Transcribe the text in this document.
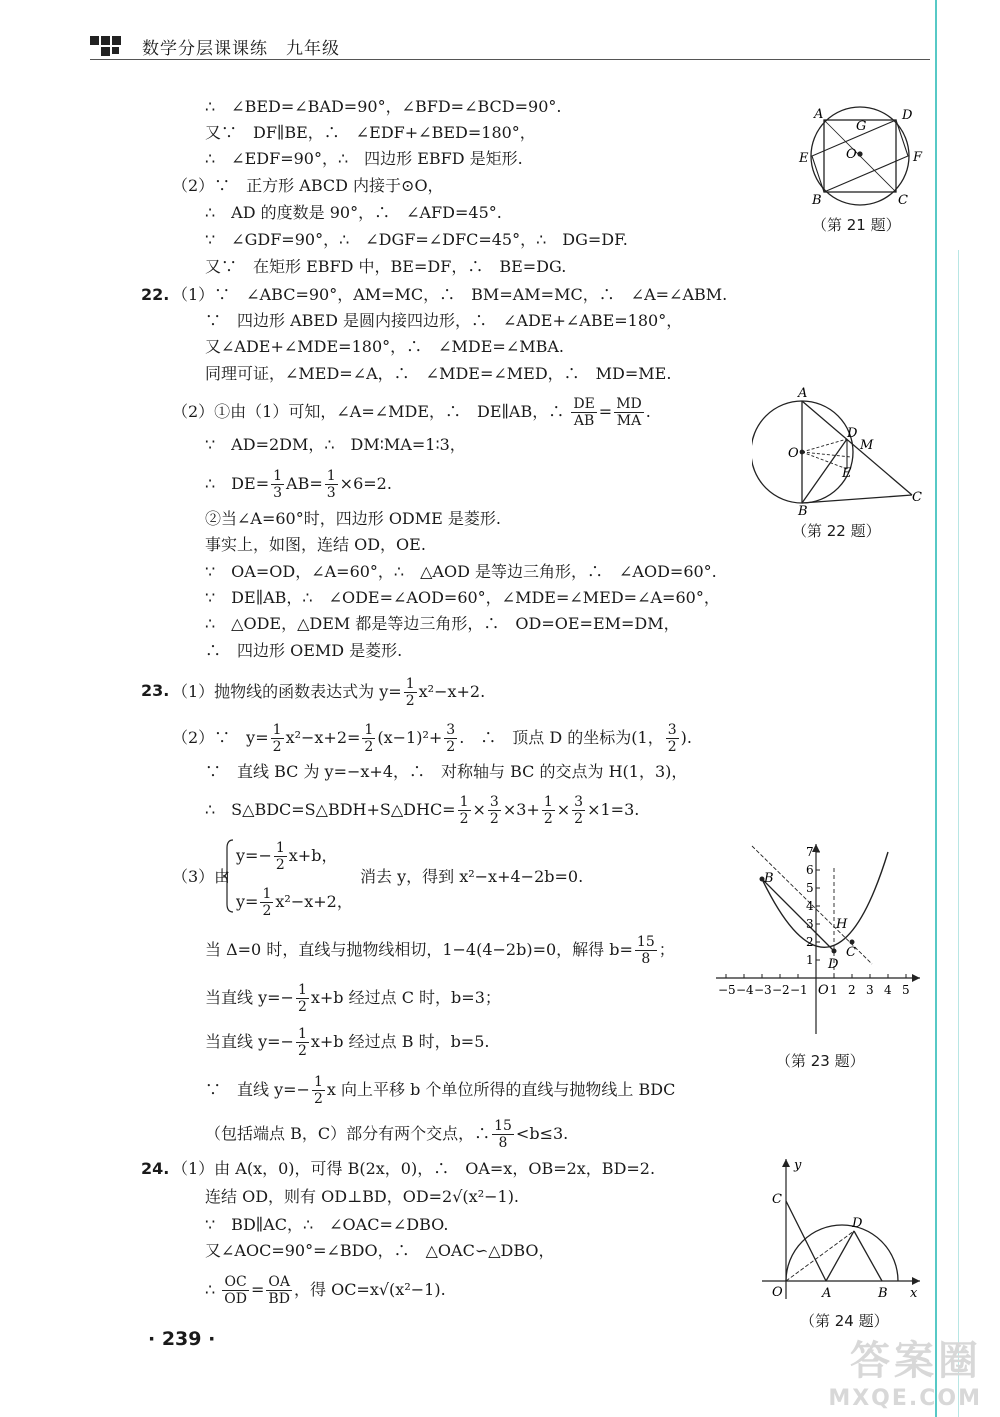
数学分层课课练　九年级
∴　∠BED=∠BAD=90°，∠BFD=∠BCD=90°.
又∵　DF∥BE，∴　∠EDF+∠BED=180°，
∴　∠EDF=90°，∴　四边形 EBFD 是矩形.
（2）∵　正方形 ABCD 内接于⊙O，
∴　AD 的度数是 90°，∴　∠AFD=45°.
∵　∠GDF=90°，∴　∠DGF=∠DFC=45°，∴　DG=DF.
又∵　在矩形 EBFD 中，BE=DF，∴　BE=DG.
A	D
G
O
E	F
B	C
（第 21 题）
22. （1）∵　∠ABC=90°，AM=MC，∴　BM=AM=MC，∴　∠A=∠ABM.
∵　四边形 ABED 是圆内接四边形，∴　∠ADE+∠ABE=180°，
又∠ADE+∠MDE=180°，∴　∠MDE=∠MBA.
同理可证，∠MED=∠A，∴　∠MDE=∠MED，∴　MD=ME.
（2）①由（1）可知，∠A=∠MDE，∴　DE∥AB，∴ $\frac{DE}{AB} = \frac{MD}{MA}$ .
∵　AD=2DM，∴　DM∶MA=1∶3，
∴　$DE= \frac{1}{3} AB= \frac{1}{3} \times 6=2$.
②当∠A=60°时，四边形 ODME 是菱形.
事实上，如图，连结 OD，OE.
∵　OA=OD，∠A=60°，∴　△AOD 是等边三角形，∴　∠AOD=60°.
∵　DE∥AB，∴　∠ODE=∠AOD=60°，∠MDE=∠MED=∠A=60°，
∴　△ODE，△DEM 都是等边三角形，∴　OD=OE=EM=DM，
∴　四边形 OEMD 是菱形.
A
D
M
O
E
B
C
（第 22 题）
23. （1）抛物线的函数表达式为 $y= \frac{1}{2} x^2-x+2$.
（2）∵　$y= \frac{1}{2} x^2-x+2= \frac{1}{2} (x-1)^2+ \frac{3}{2}$ .　∴　顶点 D 的坐标为(1， $\frac{3}{2}$ ).
∵　直线 BC 为 y=−x+4，∴　对称轴与 BC 的交点为 H(1，3)，
∴　S△BDC=S△BDH+S△DHC= $\frac{1}{2} \times \frac{3}{2} \times 3+ \frac{1}{2} \times \frac{3}{2} \times 1=3$.
（3）由
$y=- \frac{1}{2} x+b$，
$y= \frac{1}{2} x^2-x+2$，
消去 y，得到 x²−x+4−2b=0.
当 Δ=0 时，直线与抛物线相切，1−4(4−2b)=0，解得 $b= \frac{15}{8}$ ；
当直线 $y=- \frac{1}{2} x+b$ 经过点 C 时，b=3；
当直线 $y=- \frac{1}{2} x+b$ 经过点 B 时，b=5.
∵　直线 $y=- \frac{1}{2}$ x 向上平移 b 个单位所得的直线与抛物线上 BDC
（包括端点 B，C）部分有两个交点，∴ $\frac{15}{8} <b\le 3$.
1
2
3
4
5
6
7
−5 −4 −3 −2 −1 1 2 3 4 5
O
B
H
C
D
（第 23 题）
24. （1）由 A(x，0)，可得 B(2x，0)，∴　OA=x，OB=2x，BD=2.
连结 OD，则有 OD⊥BD，OD=2√(x²−1).
∵　BD∥AC，∴　∠OAC=∠DBO.
又∠AOC=90°=∠BDO，∴　△OAC∽△DBO，
∴ $\frac{OC}{OD} = \frac{OA}{BD}$ ，得 OC=x√(x²−1).
y
C
D
O	A	B x
（第 24 题）
· 239 ·	答案圈
MXQE.COM
